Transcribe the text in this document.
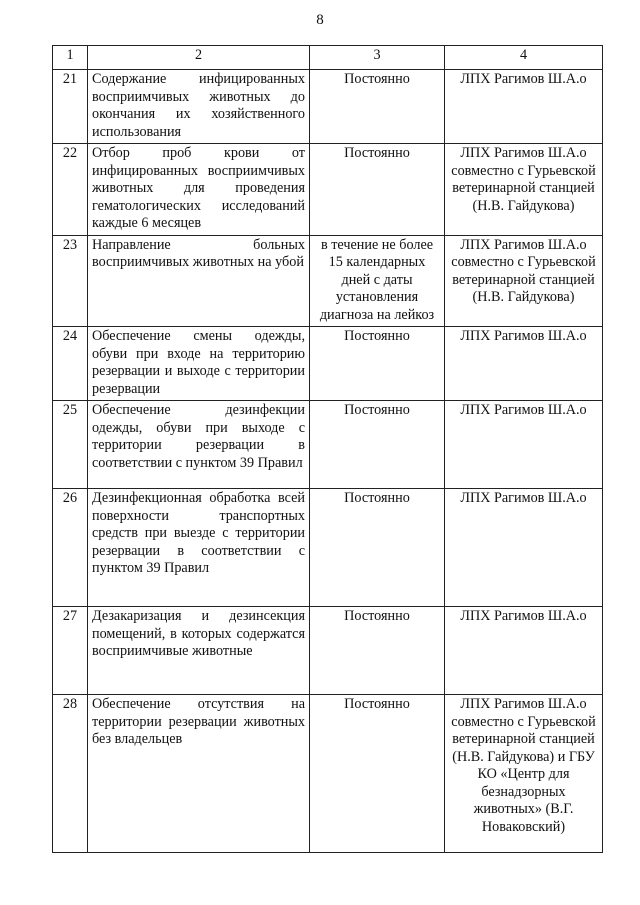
8
1	2	3	4
21	Содержание инфицированных восприимчивых животных до окончания их хозяйственного использования	Постоянно	ЛПХ Рагимов Ш.А.о
22	Отбор проб крови от инфицированных восприимчивых животных для проведения гематологических исследований каждые 6 месяцев	Постоянно	ЛПХ Рагимов Ш.А.о совместно с Гурьевской ветеринарной станцией (Н.В. Гайдукова)
23	Направление больных восприимчивых животных на убой	в течение не более 15 календарных дней с даты установления диагноза на лейкоз	ЛПХ Рагимов Ш.А.о совместно с Гурьевской ветеринарной станцией (Н.В. Гайдукова)
24	Обеспечение смены одежды, обуви при входе на территорию резервации и выходе с территории резервации	Постоянно	ЛПХ Рагимов Ш.А.о
25	Обеспечение дезинфекции одежды, обуви при выходе с территории резервации в соответствии с пунктом 39 Правил	Постоянно	ЛПХ Рагимов Ш.А.о
26	Дезинфекционная обработка всей поверхности транспортных средств при выезде с территории резервации в соответствии с пунктом 39 Правил	Постоянно	ЛПХ Рагимов Ш.А.о
27	Дезакаризация и дезинсекция помещений, в которых содержатся восприимчивые животные	Постоянно	ЛПХ Рагимов Ш.А.о
28	Обеспечение отсутствия на территории резервации животных без владельцев	Постоянно	ЛПХ Рагимов Ш.А.о совместно с Гурьевской ветеринарной станцией (Н.В. Гайдукова) и ГБУ КО «Центр для безнадзорных животных» (В.Г. Новаковский)
